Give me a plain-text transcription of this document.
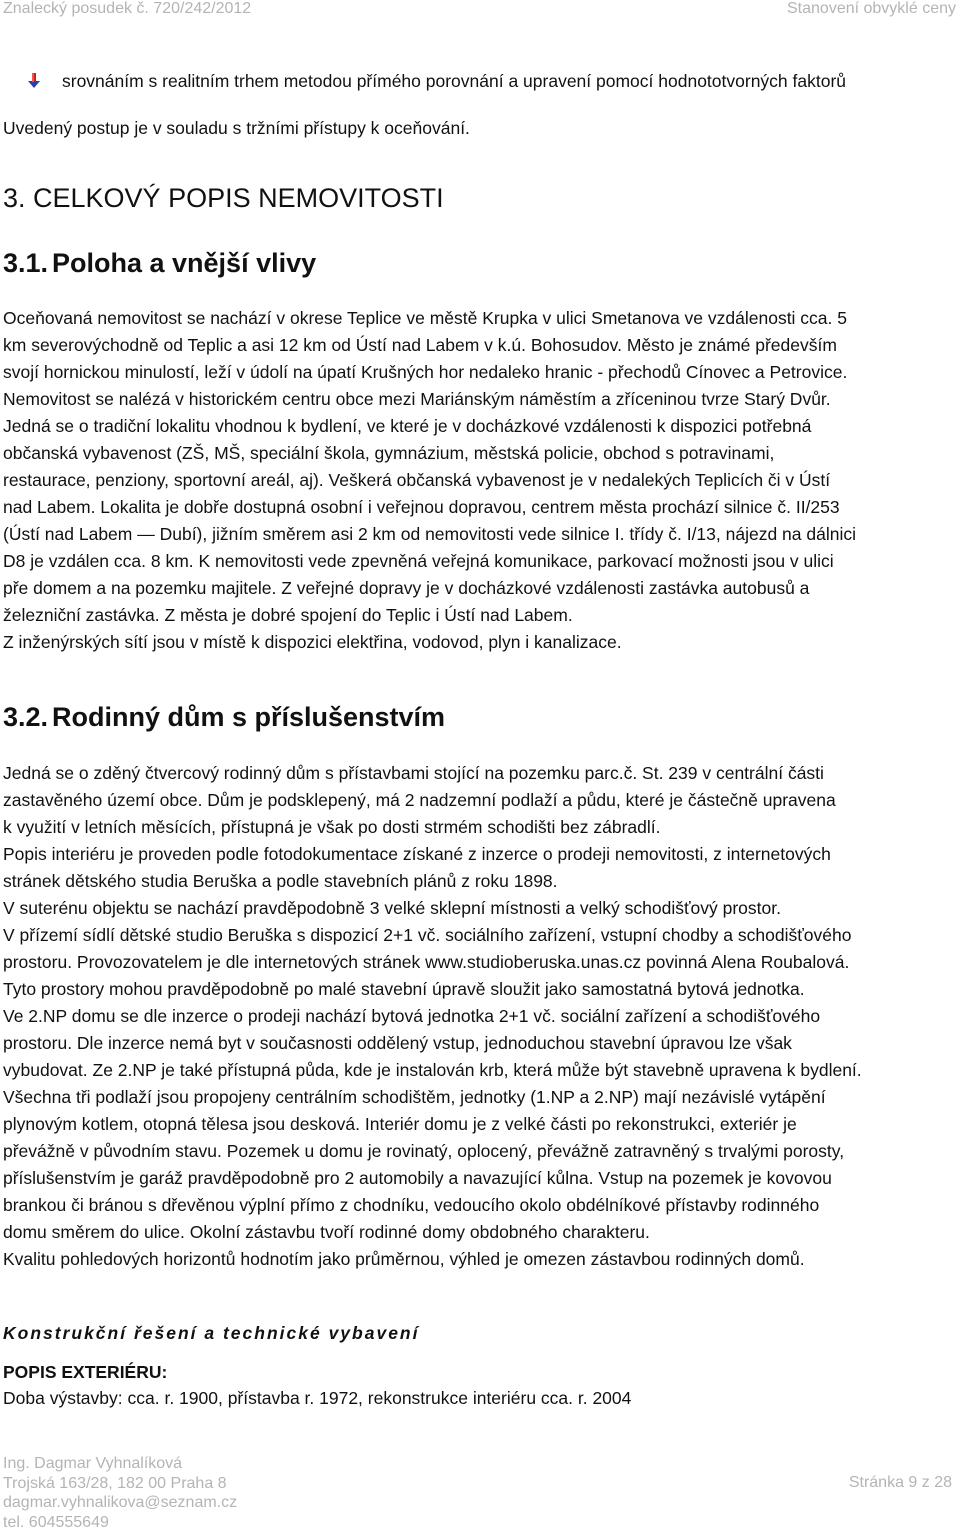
Znalecký posudek č. 720/242/2012	Stanovení obvyklé ceny
srovnáním s realitním trhem metodou přímého porovnání a upravení pomocí hodnototvorných faktorů
Uvedený postup je v souladu s tržními přístupy k oceňování.
3. CELKOVÝ POPIS NEMOVITOSTI
3.1. Poloha a vnější vlivy
Oceňovaná nemovitost se nachází v okrese Teplice ve městě Krupka v ulici Smetanova ve vzdálenosti cca. 5
km severovýchodně od Teplic a asi 12 km od Ústí nad Labem v k.ú. Bohosudov. Město je známé především
svojí hornickou minulostí, leží v údolí na úpatí Krušných hor nedaleko hranic - přechodů Cínovec a Petrovice.
Nemovitost se nalézá v historickém centru obce mezi Mariánským náměstím a zříceninou tvrze Starý Dvůr.
Jedná se o tradiční lokalitu vhodnou k bydlení, ve které je v docházkové vzdálenosti k dispozici potřebná
občanská vybavenost (ZŠ, MŠ, speciální škola, gymnázium, městská policie, obchod s potravinami,
restaurace, penziony, sportovní areál, aj). Veškerá občanská vybavenost je v nedalekých Teplicích či v Ústí
nad Labem. Lokalita je dobře dostupná osobní i veřejnou dopravou, centrem města prochází silnice č. II/253
(Ústí nad Labem — Dubí), jižním směrem asi 2 km od nemovitosti vede silnice I. třídy č. I/13, nájezd na dálnici
D8 je vzdálen cca. 8 km. K nemovitosti vede zpevněná veřejná komunikace, parkovací možnosti jsou v ulici
pře domem a na pozemku majitele. Z veřejné dopravy je v docházkové vzdálenosti zastávka autobusů a
železniční zastávka. Z města je dobré spojení do Teplic i Ústí nad Labem.
Z inženýrských sítí jsou v místě k dispozici elektřina, vodovod, plyn i kanalizace.
3.2. Rodinný dům s příslušenstvím
Jedná se o zděný čtvercový rodinný dům s přístavbami stojící na pozemku parc.č. St. 239 v centrální části
zastavěného území obce. Dům je podsklepený, má 2 nadzemní podlaží a půdu, které je částečně upravena
k využití v letních měsících, přístupná je však po dosti strmém schodišti bez zábradlí.
Popis interiéru je proveden podle fotodokumentace získané z inzerce o prodeji nemovitosti, z internetových
stránek dětského studia Beruška a podle stavebních plánů z roku 1898.
V suterénu objektu se nachází pravděpodobně 3 velké sklepní místnosti a velký schodišťový prostor.
V přízemí sídlí dětské studio Beruška s dispozicí 2+1 vč. sociálního zařízení, vstupní chodby a schodišťového
prostoru. Provozovatelem je dle internetových stránek www.studioberuska.unas.cz povinná Alena Roubalová.
Tyto prostory mohou pravděpodobně po malé stavební úpravě sloužit jako samostatná bytová jednotka.
Ve 2.NP domu se dle inzerce o prodeji nachází bytová jednotka 2+1 vč. sociální zařízení a schodišťového
prostoru. Dle inzerce nemá byt v současnosti oddělený vstup, jednoduchou stavební úpravou lze však
vybudovat. Ze 2.NP je také přístupná půda, kde je instalován krb, která může být stavebně upravena k bydlení.
Všechna tři podlaží jsou propojeny centrálním schodištěm, jednotky (1.NP a 2.NP) mají nezávislé vytápění
plynovým kotlem, otopná tělesa jsou desková. Interiér domu je z velké části po rekonstrukci, exteriér je
převážně v původním stavu. Pozemek u domu je rovinatý, oplocený, převážně zatravněný s trvalými porosty,
příslušenstvím je garáž pravděpodobně pro 2 automobily a navazující kůlna. Vstup na pozemek je kovovou
brankou či bránou s dřevěnou výplní přímo z chodníku, vedoucího okolo obdélníkové přístavby rodinného
domu směrem do ulice. Okolní zástavbu tvoří rodinné domy obdobného charakteru.
Kvalitu pohledových horizontů hodnotím jako průměrnou, výhled je omezen zástavbou rodinných domů.
Konstrukční řešení a technické vybavení
POPIS EXTERIÉRU:
Doba výstavby: cca. r. 1900, přístavba r. 1972, rekonstrukce interiéru cca. r. 2004
Ing. Dagmar Vyhnalíková
Trojská 163/28, 182 00 Praha 8
dagmar.vyhnalikova@seznam.cz
tel. 604555649
Stránka 9 z 28
